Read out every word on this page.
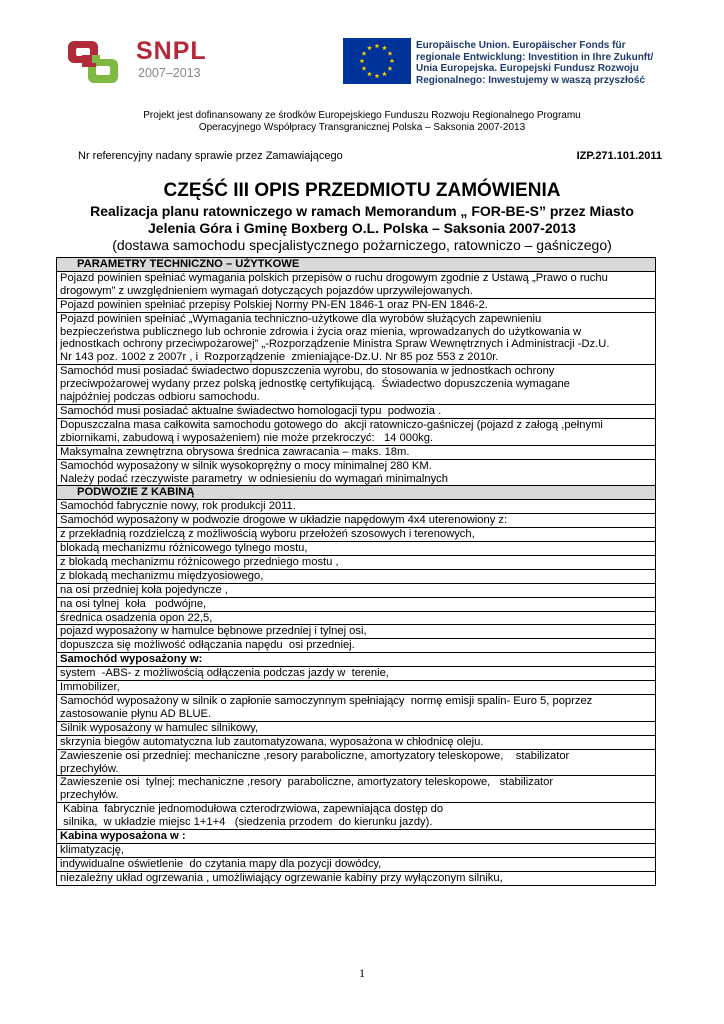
SNPL
2007–2013
Europäische Union. Europäischer Fonds für
regionale Entwicklung: Investition in Ihre Zukunft/
Unia Europejska. Europejski Fundusz Rozwoju
Regionalnego: Inwestujemy w waszą przyszłość
Projekt jest dofinansowany ze środków Europejskiego Funduszu Rozwoju Regionalnego Programu
Operacyjnego Współpracy Transgranicznej Polska – Saksonia 2007-2013
Nr referencyjny nadany sprawie przez Zamawiającego	IZP.271.101.2011
CZĘŚĆ III OPIS PRZEDMIOTU ZAMÓWIENIA
Realizacja planu ratowniczego w ramach Memorandum „ FOR-BE-S” przez Miasto
Jelenia Góra i Gminę Boxberg O.L. Polska – Saksonia 2007-2013
(dostawa samochodu specjalistycznego pożarniczego, ratowniczo – gaśniczego)
PARAMETRY TECHNICZNO – UŻYTKOWE

Pojazd powinien spełniać wymagania polskich przepisów o ruchu drogowym zgodnie z Ustawą „Prawo o ruchu
drogowym” z uwzględnieniem wymagań dotyczących pojazdów uprzywilejowanych.

Pojazd powinien spełniać przepisy Polskiej Normy PN-EN 1846-1 oraz PN-EN 1846-2.

Pojazd powinien spełniać „Wymagania techniczno-użytkowe dla wyrobów służących zapewnieniu
bezpieczeństwa publicznego lub ochronie zdrowia i życia oraz mienia, wprowadzanych do użytkowania w
jednostkach ochrony przeciwpożarowej” „-Rozporządzenie Ministra Spraw Wewnętrznych i Administracji -Dz.U.
Nr 143 poz. 1002 z 2007r , i  Rozporządzenie  zmieniające-Dz.U. Nr 85 poz 553 z 2010r.

Samochód musi posiadać świadectwo dopuszczenia wyrobu, do stosowania w jednostkach ochrony
przeciwpożarowej wydany przez polską jednostkę certyfikującą.  Świadectwo dopuszczenia wymagane
najpóźniej podczas odbioru samochodu.

Samochód musi posiadać aktualne świadectwo homologacji typu  podwozia .

Dopuszczalna masa całkowita samochodu gotowego do  akcji ratowniczo-gaśniczej (pojazd z załogą ,pełnymi
zbiornikami, zabudową i wyposażeniem) nie może przekroczyć:   14 000kg.

Maksymalna zewnętrzna obrysowa średnica zawracania – maks. 18m.

Samochód wyposażony w silnik wysokoprężny o mocy minimalnej 280 KM.
Należy podać rzeczywiste parametry  w odniesieniu do wymagań minimalnych

PODWOZIE Z KABINĄ

Samochód fabrycznie nowy, rok produkcji 2011.

Samochód wyposażony w podwozie drogowe w układzie napędowym 4x4 uterenowiony z:

z przekładnią rozdzielczą z możliwością wyboru przełożeń szosowych i terenowych,

blokadą mechanizmu różnicowego tylnego mostu,

z blokadą mechanizmu różnicowego przedniego mostu ,

z blokadą mechanizmu międzyosiowego,

na osi przedniej koła pojedyncze ,

na osi tylnej  koła   podwójne,

średnica osadzenia opon 22,5,

pojazd wyposażony w hamulce bębnowe przedniej i tylnej osi,

dopuszcza się możliwość odłączania napędu  osi przedniej.

Samochód wyposażony w:

system  -ABS- z możliwością odłączenia podczas jazdy w  terenie,

Immobilizer,

Samochód wyposażony w silnik o zapłonie samoczynnym spełniający  normę emisji spalin- Euro 5, poprzez
zastosowanie płynu AD BLUE.

Silnik wyposażony w hamulec silnikowy,

skrzynia biegów automatyczna lub zautomatyzowana, wyposażona w chłodnicę oleju.

Zawieszenie osi przedniej: mechaniczne ,resory paraboliczne, amortyzatory teleskopowe,    stabilizator
przechyłów.

Zawieszenie osi  tylnej: mechaniczne ,resory  paraboliczne, amortyzatory teleskopowe,   stabilizator
przechyłów.

Kabina  fabrycznie jednomodułowa czterodrzwiowa, zapewniająca dostęp do
silnika,  w układzie miejsc 1+1+4   (siedzenia przodem  do kierunku jazdy).

Kabina wyposażona w :

klimatyzację,

indywidualne oświetlenie  do czytania mapy dla pozycji dowódcy,

niezależny układ ogrzewania , umożliwiający ogrzewanie kabiny przy wyłączonym silniku,
1
